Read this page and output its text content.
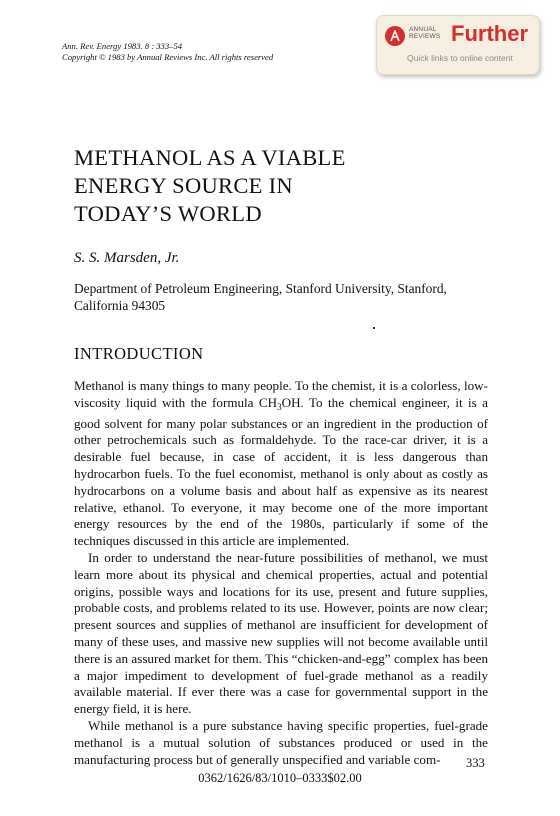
Ann. Rev. Energy 1983. 8 : 333–54
Copyright © 1983 by Annual Reviews Inc. All rights reserved
ANNUAL
REVIEWS Further
Quick links to online content
METHANOL AS A VIABLE
ENERGY SOURCE IN
TODAY’S WORLD
S. S. Marsden, Jr.
Department of Petroleum Engineering, Stanford University, Stanford, California 94305
INTRODUCTION

Methanol is many things to many people. To the chemist, it is a colorless, low-viscosity liquid with the formula $CH_3OH$. To the chemical engineer, it is a good solvent for many polar substances or an ingredient in the production of other petrochemicals such as formaldehyde. To the race-car driver, it is a desirable fuel because, in case of accident, it is less dangerous than hydrocarbon fuels. To the fuel economist, methanol is only about as costly as hydrocarbons on a volume basis and about half as expensive as its nearest relative, ethanol. To everyone, it may become one of the more important energy resources by the end of the 1980s, particularly if some of the techniques discussed in this article are implemented.

In order to understand the near-future possibilities of methanol, we must learn more about its physical and chemical properties, actual and potential origins, possible ways and locations for its use, present and future supplies, probable costs, and problems related to its use. However, points are now clear; present sources and supplies of methanol are insufficient for development of many of these uses, and massive new supplies will not become available until there is an assured market for them. This “chicken-and-egg” complex has been a major impediment to development of fuel-grade methanol as a readily available material. If ever there was a case for governmental support in the energy field, it is here.

While methanol is a pure substance having specific properties, fuel-grade methanol is a mutual solution of substances produced or used in the manufacturing process but of generally unspecified and variable com-	333
0362/1626/83/1010–0333$02.00
